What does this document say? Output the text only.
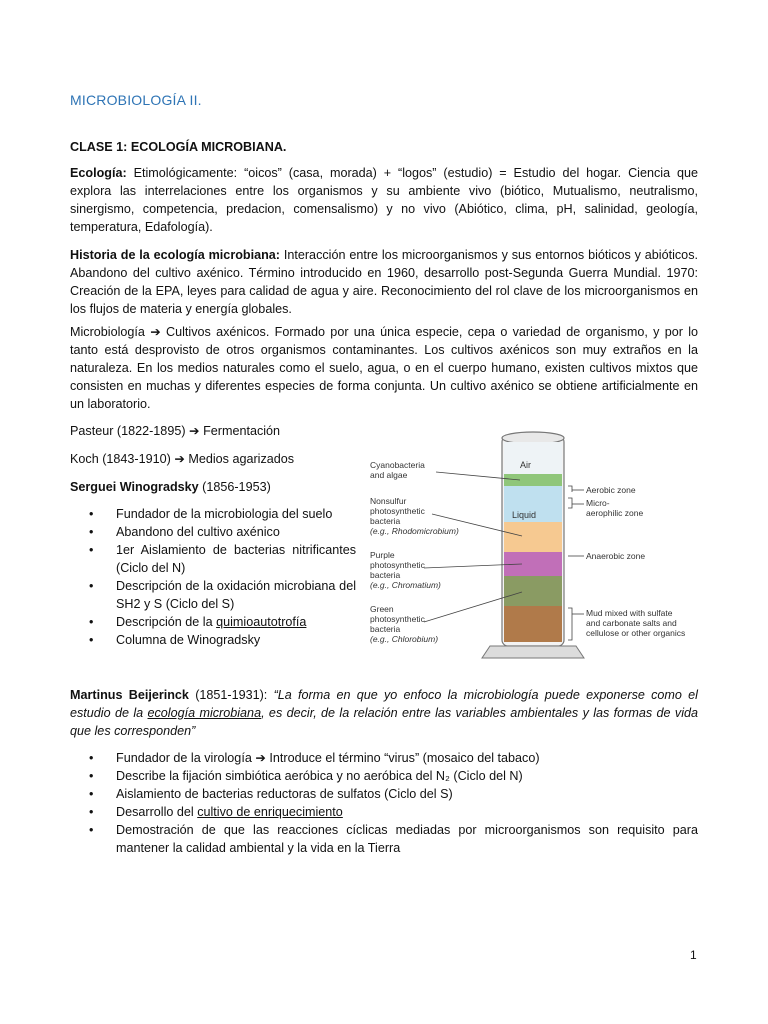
MICROBIOLOGÍA II.

CLASE 1: ECOLOGÍA MICROBIANA.

Ecología: Etimológicamente: “oicos” (casa, morada) + “logos” (estudio) = Estudio del hogar. Ciencia que explora las interrelaciones entre los organismos y su ambiente vivo (biótico, Mutualismo, neutralismo, sinergismo, competencia, predacion, comensalismo) y no vivo (Abiótico, clima, pH, salinidad, geología, temperatura, Edafología).

Historia de la ecología microbiana: Interacción entre los microorganismos y sus entornos bióticos y abióticos. Abandono del cultivo axénico. Término introducido en 1960, desarrollo post-Segunda Guerra Mundial. 1970: Creación de la EPA, leyes para calidad de agua y aire. Reconocimiento del rol clave de los microorganismos en los flujos de materia y energía globales.

Microbiología ➔ Cultivos axénicos. Formado por una única especie, cepa o variedad de organismo, y por lo tanto está desprovisto de otros organismos contaminantes. Los cultivos axénicos son muy extraños en la naturaleza. En los medios naturales como el suelo, agua, o en el cuerpo humano, existen cultivos mixtos que consisten en muchas y diferentes especies de forma conjunta. Un cultivo axénico se obtiene artificialmente en un laboratorio.

Pasteur (1822-1895) ➔ Fermentación
Koch (1843-1910) ➔ Medios agarizados
Serguei Winogradsky (1856-1953)
• Fundador de la microbiologia del suelo
• Abandono del cultivo axénico
• 1er Aislamiento de bacterias nitrificantes (Ciclo del N)
• Descripción de la oxidación microbiana del SH2 y S (Ciclo del S)
• Descripción de la quimioautotrofía
• Columna de Winogradsky
Air
Liquid
Cyanobacteria
and algae
Nonsulfur
photosynthetic
bacteria
(e.g., Rhodomicrobium)
Purple
photosynthetic
bacteria
(e.g., Chromatium)
Green
photosynthetic
bacteria
(e.g., Chlorobium)
Aerobic zone
Micro-
aerophilic zone
Anaerobic zone
Mud mixed with sulfate
and carbonate salts and
cellulose or other organics

Martinus Beijerinck (1851-1931): “La forma en que yo enfoco la microbiología puede exponerse como el estudio de la ecología microbiana, es decir, de la relación entre las variables ambientales y las formas de vida que les corresponden”

• Fundador de la virología ➔ Introduce el término “virus” (mosaico del tabaco)
• Describe la fijación simbiótica aeróbica y no aeróbica del N₂ (Ciclo del N)
• Aislamiento de bacterias reductoras de sulfatos (Ciclo del S)
• Desarrollo del cultivo de enriquecimiento
• Demostración de que las reacciones cíclicas mediadas por microorganismos son requisito para mantener la calidad ambiental y la vida en la Tierra
1
